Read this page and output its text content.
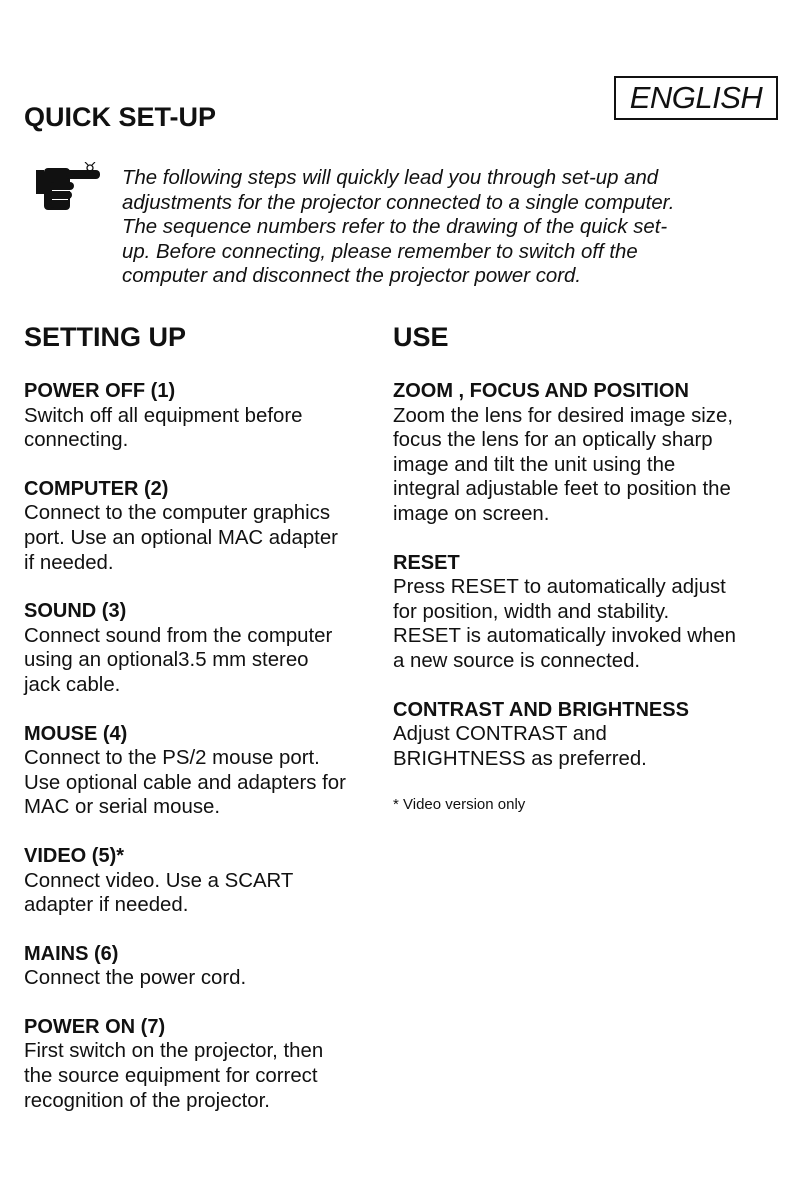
ENGLISH
QUICK SET-UP

The following steps will quickly lead you through set-up and
adjustments for the projector connected to a single computer.
The sequence numbers refer to the drawing of the quick set-
up. Before connecting, please remember to switch off the
computer and disconnect the projector power cord.

SETTING UP
POWER OFF (1)

Switch off all equipment before
connecting.

COMPUTER (2)

Connect to the computer graphics
port. Use an optional MAC adapter
if needed.

SOUND (3)

Connect sound from the computer
using an optional3.5 mm stereo
jack cable.

MOUSE (4)

Connect to the PS/2 mouse port.
Use optional cable and adapters for
MAC or serial mouse.

VIDEO (5)*

Connect video. Use a SCART
adapter if needed.

MAINS (6)

Connect the power cord.

POWER ON (7)

First switch on the projector, then
the source equipment for correct
recognition of the projector.

USE
ZOOM , FOCUS AND POSITION

Zoom the lens for desired image size,
focus the lens for an optically sharp
image and tilt the unit using the
integral adjustable feet to position the
image on screen.

RESET

Press RESET to automatically adjust
for position, width and stability.
RESET is automatically invoked when
a new source is connected.

CONTRAST AND BRIGHTNESS

Adjust CONTRAST and
BRIGHTNESS as preferred.

* Video version only
